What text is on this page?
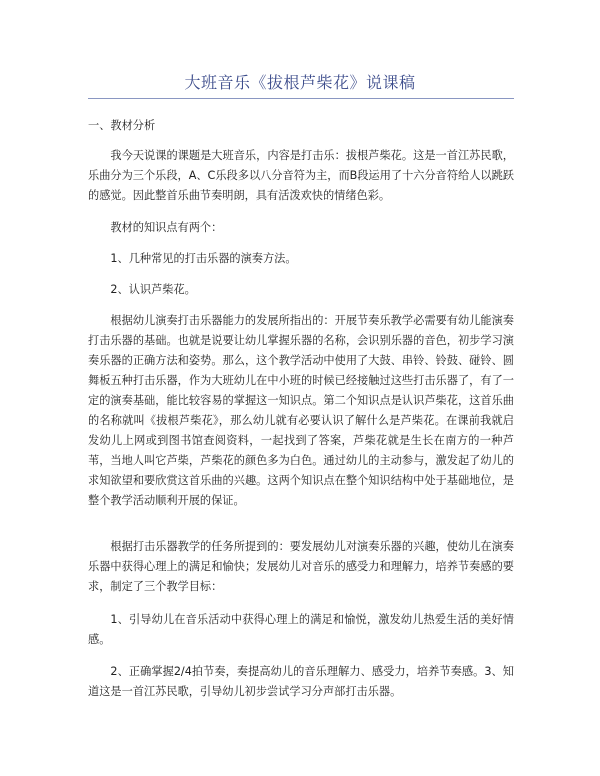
大班音乐《拔根芦柴花》说课稿

一、教材分析

我今天说课的课题是大班音乐，内容是打击乐：拔根芦柴花。这是一首江苏民歌，乐曲分为三个乐段，A、C乐段多以八分音符为主，而B段运用了十六分音符给人以跳跃的感觉。因此整首乐曲节奏明朗，具有活泼欢快的情绪色彩。

教材的知识点有两个：

1、几种常见的打击乐器的演奏方法。

2、认识芦柴花。

根据幼儿演奏打击乐器能力的发展所指出的：开展节奏乐教学必需要有幼儿能演奏打击乐器的基础。也就是说要让幼儿掌握乐器的名称，会识别乐器的音色，初步学习演奏乐器的正确方法和姿势。那么，这个教学活动中使用了大鼓、串铃、铃鼓、碰铃、圆舞板五种打击乐器，作为大班幼儿在中小班的时候已经接触过这些打击乐器了，有了一定的演奏基础，能比较容易的掌握这一知识点。第二个知识点是认识芦柴花，这首乐曲的名称就叫《拔根芦柴花》，那么幼儿就有必要认识了解什么是芦柴花。在课前我就启发幼儿上网或到图书馆查阅资料，一起找到了答案，芦柴花就是生长在南方的一种芦苇，当地人叫它芦柴，芦柴花的颜色多为白色。通过幼儿的主动参与，激发起了幼儿的求知欲望和要欣赏这首乐曲的兴趣。这两个知识点在整个知识结构中处于基础地位，是整个教学活动顺利开展的保证。

根据打击乐器教学的任务所提到的：要发展幼儿对演奏乐器的兴趣，使幼儿在演奏乐器中获得心理上的满足和愉快；发展幼儿对音乐的感受力和理解力，培养节奏感的要求，制定了三个教学目标：

1、引导幼儿在音乐活动中获得心理上的满足和愉悦，激发幼儿热爱生活的美好情感。

2、正确掌握2/4拍节奏，奏提高幼儿的音乐理解力、感受力，培养节奏感。3、知道这是一首江苏民歌，引导幼儿初步尝试学习分声部打击乐器。
